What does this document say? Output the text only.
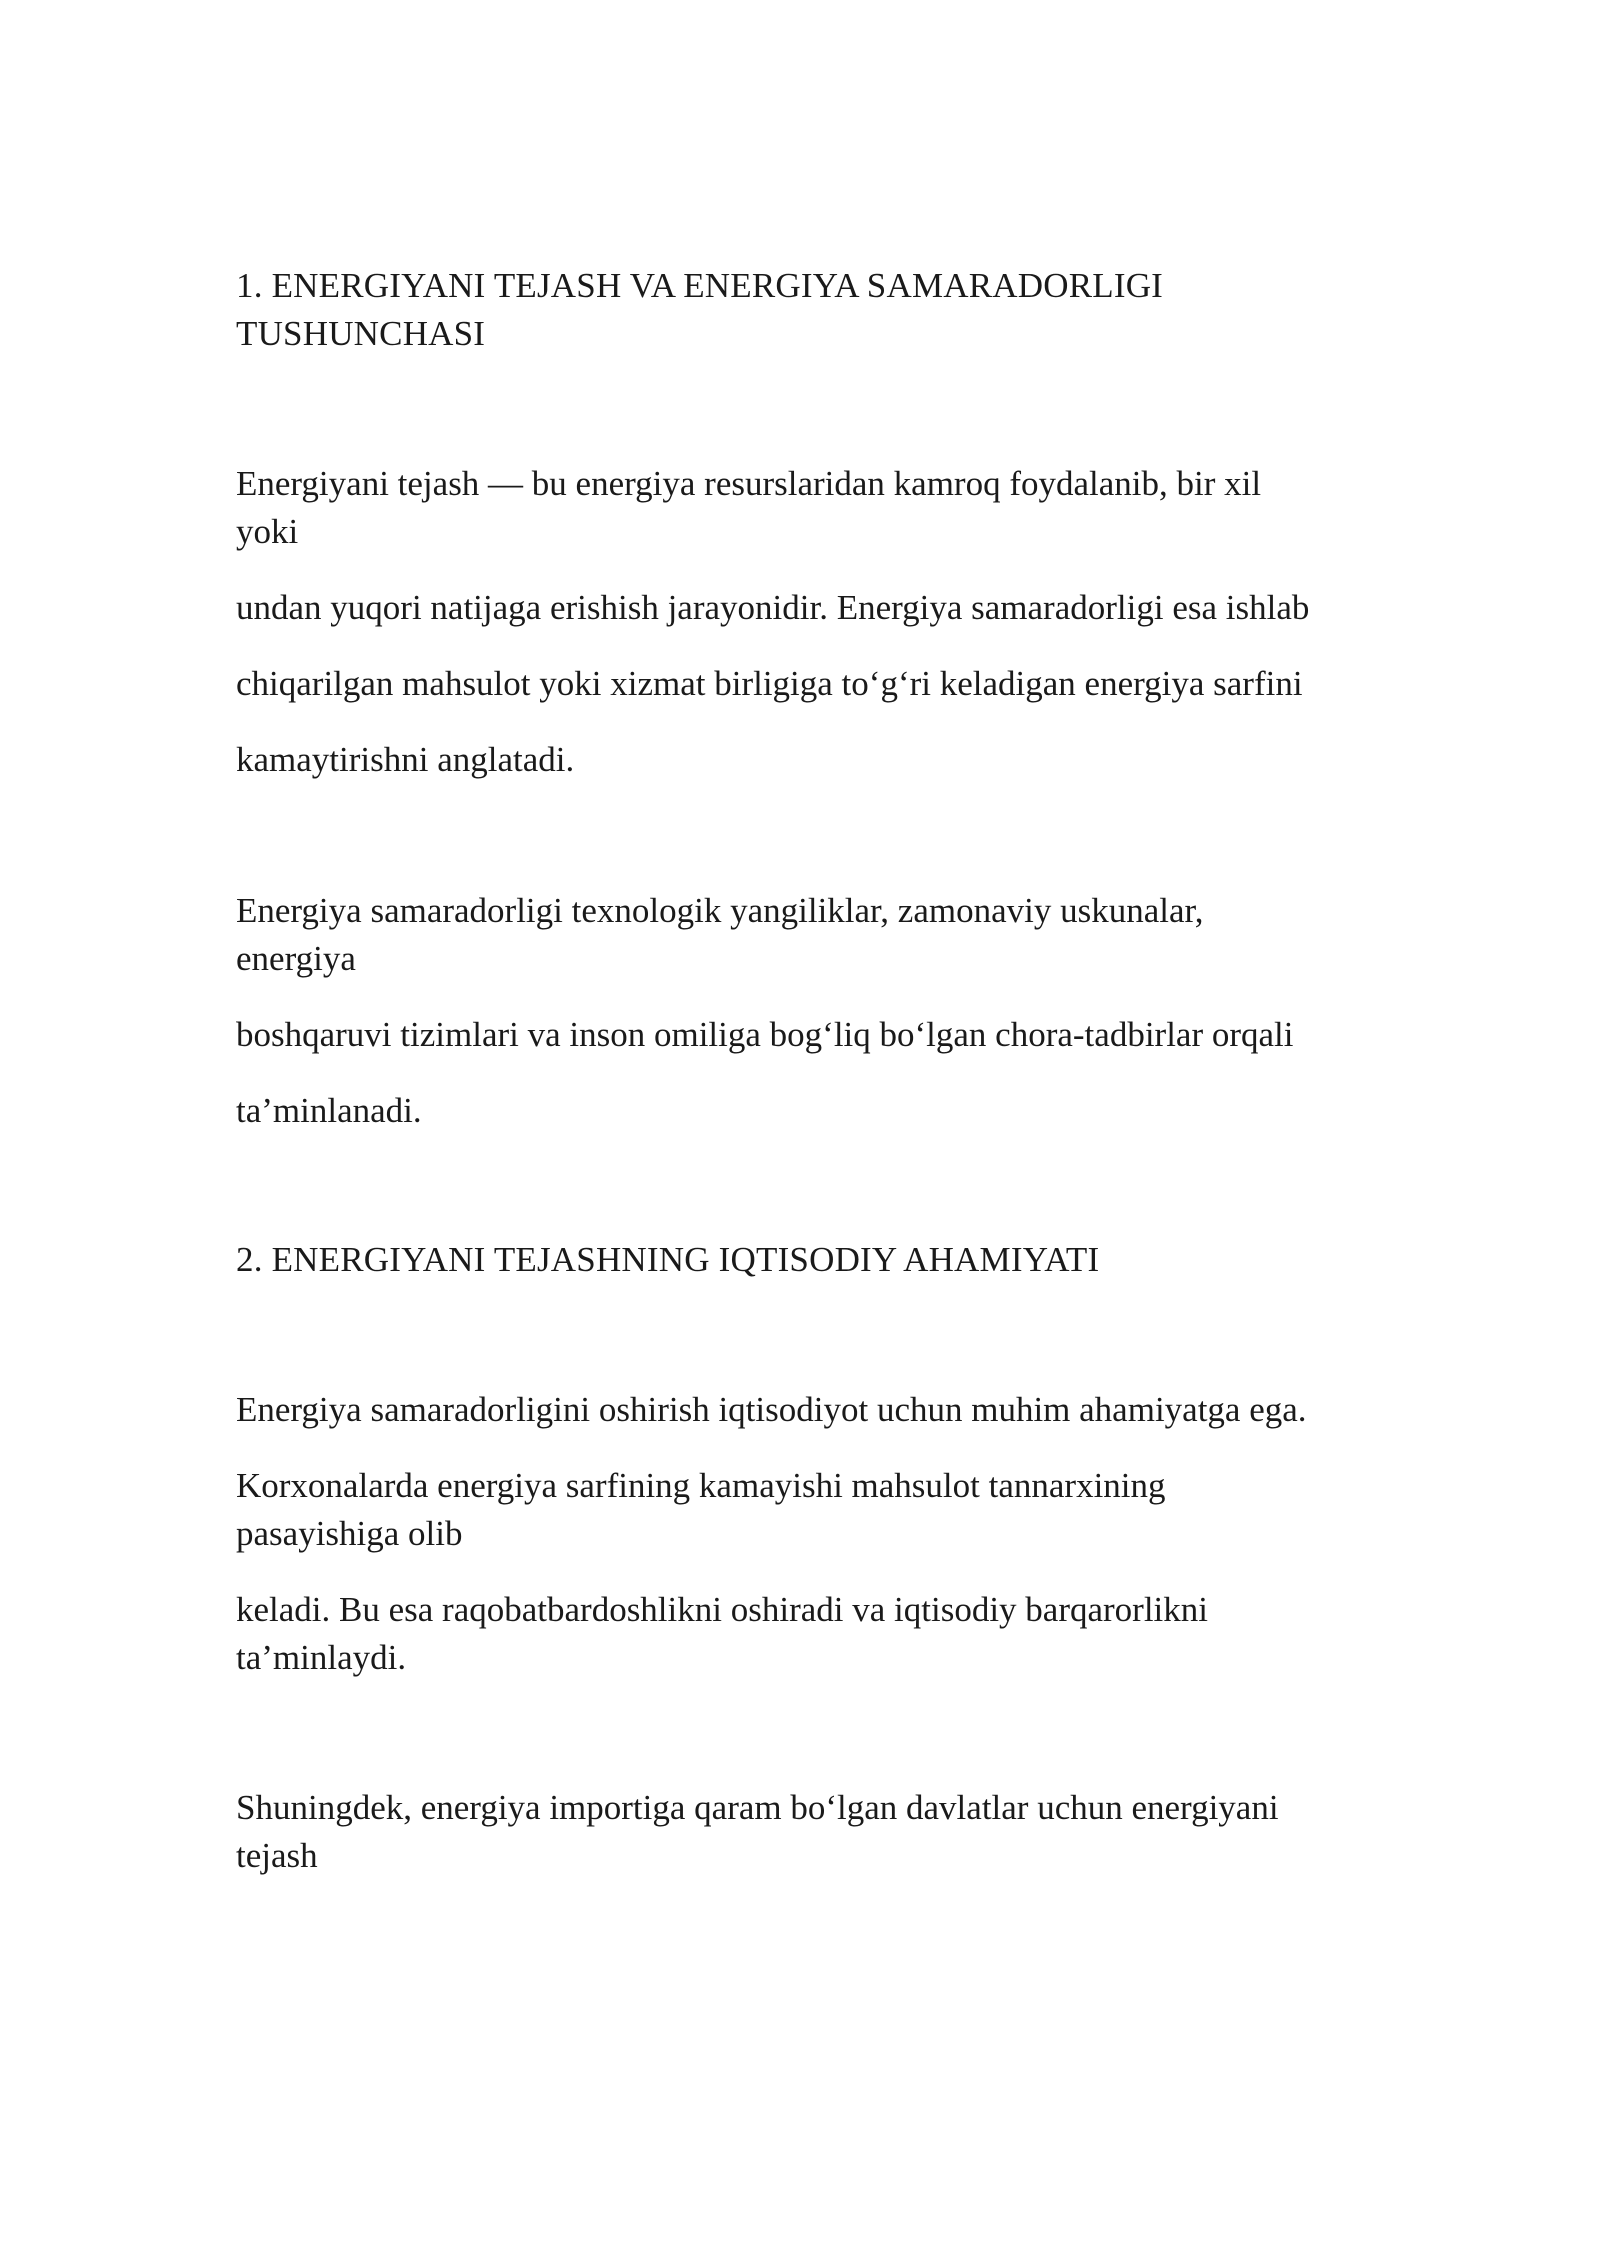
1. ENERGIYANI TEJASH VA ENERGIYA SAMARADORLIGI

TUSHUNCHASI

Energiyani tejash — bu energiya resurslaridan kamroq foydalanib, bir xil

yoki

undan yuqori natijaga erishish jarayonidir. Energiya samaradorligi esa ishlab

chiqarilgan mahsulot yoki xizmat birligiga to‘g‘ri keladigan energiya sarfini

kamaytirishni anglatadi.

Energiya samaradorligi texnologik yangiliklar, zamonaviy uskunalar,

energiya

boshqaruvi tizimlari va inson omiliga bog‘liq bo‘lgan chora-tadbirlar orqali

ta’minlanadi.

2. ENERGIYANI TEJASHNING IQTISODIY AHAMIYATI

Energiya samaradorligini oshirish iqtisodiyot uchun muhim ahamiyatga ega.

Korxonalarda energiya sarfining kamayishi mahsulot tannarxining

pasayishiga olib

keladi. Bu esa raqobatbardoshlikni oshiradi va iqtisodiy barqarorlikni

ta’minlaydi.

Shuningdek, energiya importiga qaram bo‘lgan davlatlar uchun energiyani

tejash
